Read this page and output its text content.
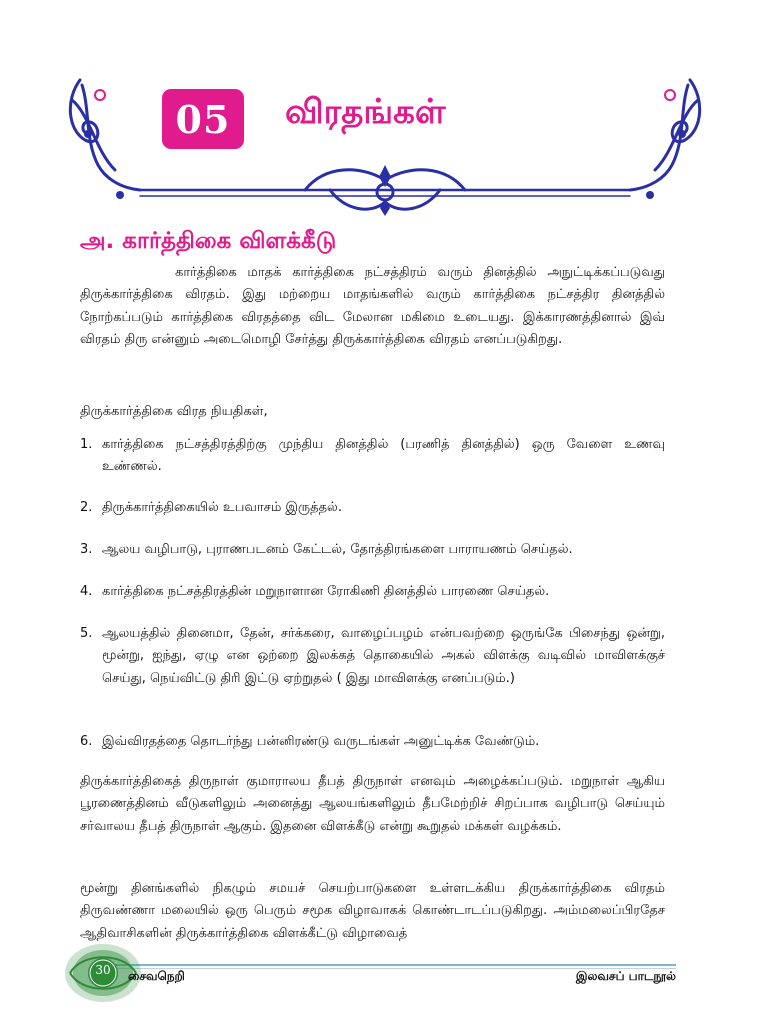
05 விரதங்கள்
அ. கார்த்திகை விளக்கீடு
கார்த்திகை மாதக் கார்த்திகை நட்சத்திரம் வரும் தினத்தில் அநுட்டிக்கப்படுவது திருக்கார்த்திகை விரதம். இது மற்றைய மாதங்களில் வரும் கார்த்திகை நட்சத்திர தினத்தில் நோற்கப்படும் கார்த்திகை விரதத்தை விட மேலான மகிமை உடையது. இக்காரணத்தினால் இவ் விரதம் திரு என்னும் அடைமொழி சேர்த்து திருக்கார்த்திகை விரதம் எனப்படுகிறது.
திருக்கார்த்திகை விரத நியதிகள்,
1. கார்த்திகை நட்சத்திரத்திற்கு முந்திய தினத்தில் (பரணித் தினத்தில்) ஒரு வேளை உணவு உண்ணல்.
2. திருக்கார்த்திகையில் உபவாசம் இருத்தல்.
3. ஆலய வழிபாடு, புராணபடனம் கேட்டல், தோத்திரங்களை பாராயணம் செய்தல்.
4. கார்த்திகை நட்சத்திரத்தின் மறுநாளான ரோகிணி தினத்தில் பாரணை செய்தல்.
5. ஆலயத்தில் தினைமா, தேன், சர்க்கரை, வாழைப்பழம் என்பவற்றை ஒருங்கே பிசைந்து ஒன்று, மூன்று, ஐந்து, ஏழு என ஒற்றை இலக்கத் தொகையில் அகல் விளக்கு வடிவில் மாவிளக்குச் செய்து, நெய்விட்டு திரி இட்டு ஏற்றுதல் ( இது மாவிளக்கு எனப்படும்.)
6. இவ்விரதத்தை தொடர்ந்து பன்னிரண்டு வருடங்கள் அனுட்டிக்க வேண்டும்.
திருக்கார்த்திகைத் திருநாள் குமாராலய தீபத் திருநாள் எனவும் அழைக்கப்படும். மறுநாள் ஆகிய பூரணைத்தினம் வீடுகளிலும் அனைத்து ஆலயங்களிலும் தீபமேற்றிச் சிறப்பாக வழிபாடு செய்யும் சர்வாலய தீபத் திருநாள் ஆகும். இதனை விளக்கீடு என்று கூறுதல் மக்கள் வழக்கம்.
மூன்று தினங்களில் நிகழும் சமயச் செயற்பாடுகளை உள்ளடக்கிய திருக்கார்த்திகை விரதம் திருவண்ணா மலையில் ஒரு பெரும் சமூக விழாவாகக் கொண்டாடப்படுகிறது. அம்மலைப்பிரதேச ஆதிவாசிகளின் திருக்கார்த்திகை விளக்கீட்டு விழாவைத்
30	சைவநெறி	இலவசப் பாடநூல்
